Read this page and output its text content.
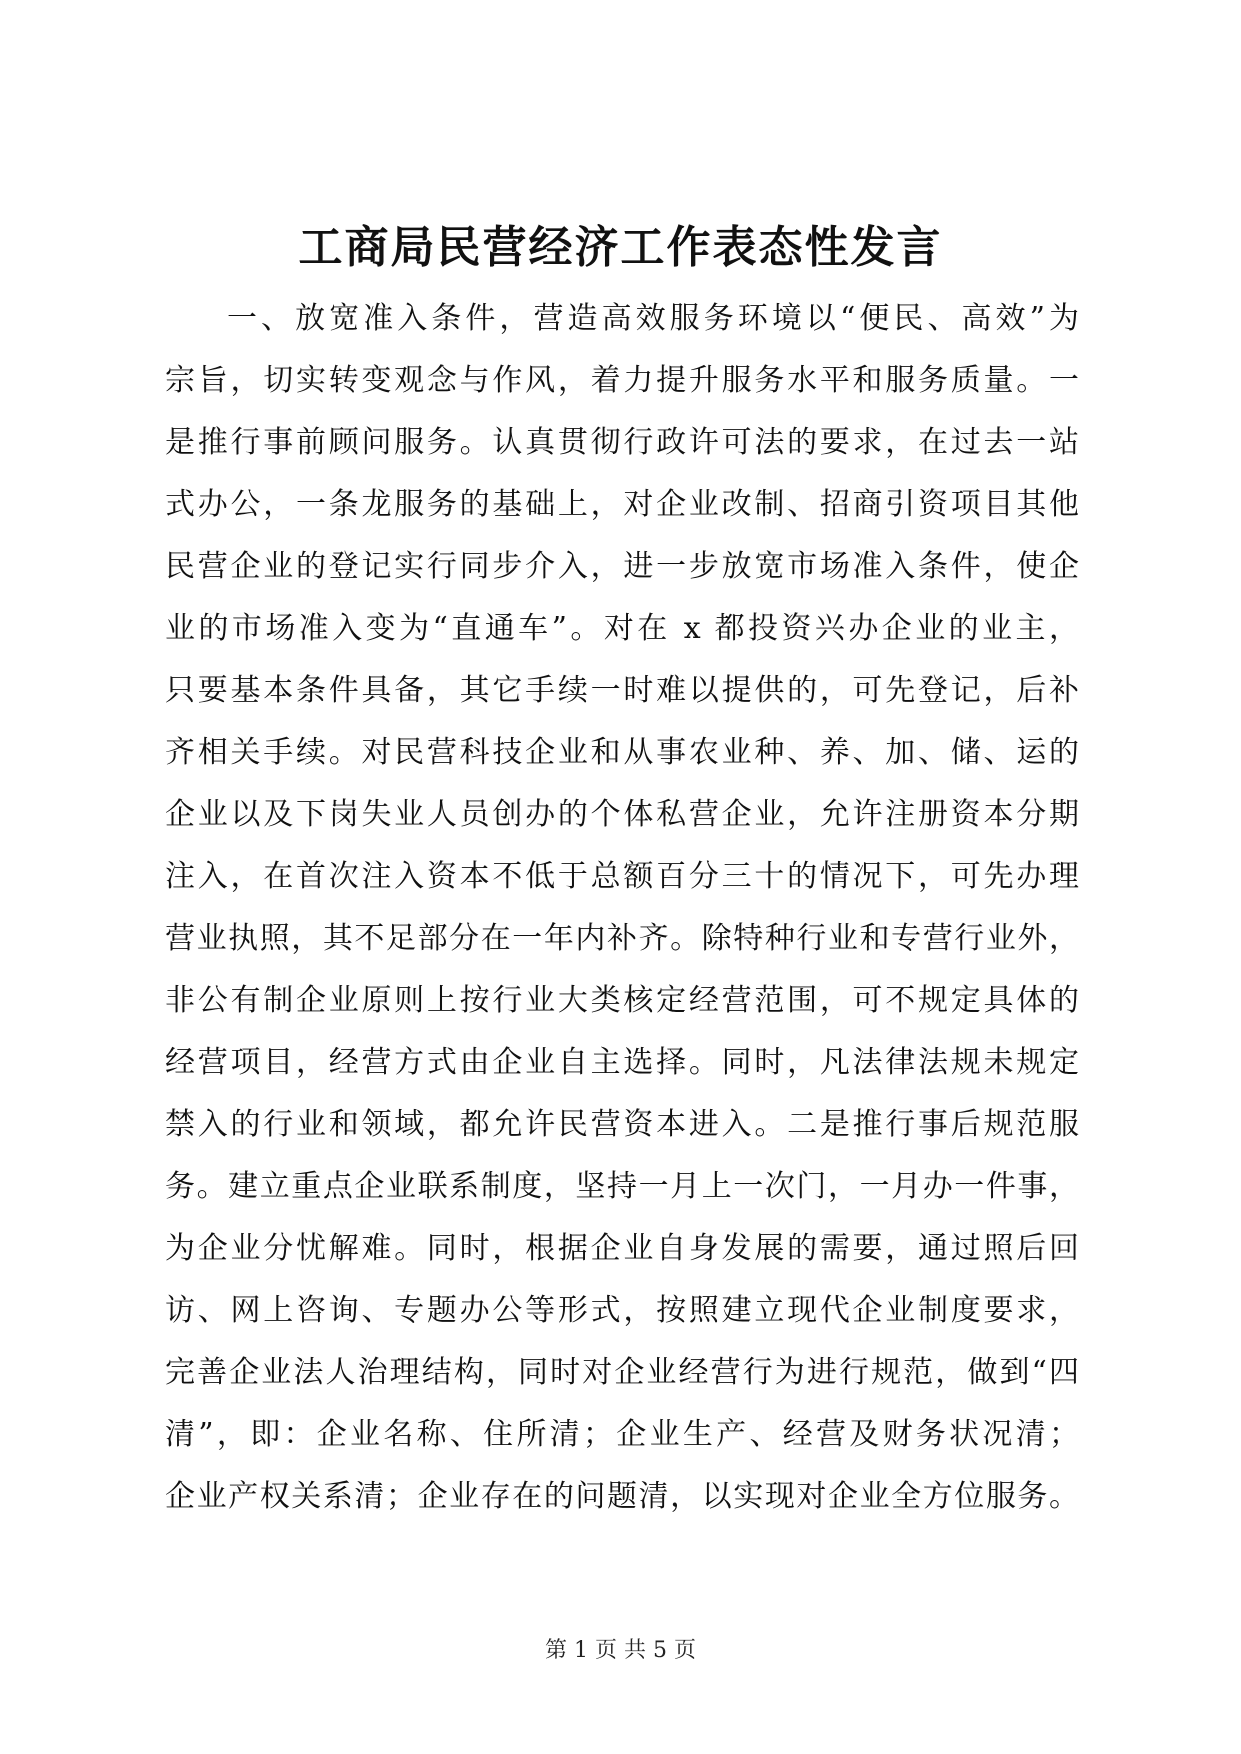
工商局民营经济工作表态性发言
一、放宽准入条件，营造高效服务环境以“便民、高效”为
宗旨，切实转变观念与作风，着力提升服务水平和服务质量。一
是推行事前顾问服务。认真贯彻行政许可法的要求，在过去一站
式办公，一条龙服务的基础上，对企业改制、招商引资项目其他
民营企业的登记实行同步介入，进一步放宽市场准入条件，使企
业的市场准入变为“直通车”。对在 x 都投资兴办企业的业主，
只要基本条件具备，其它手续一时难以提供的，可先登记，后补
齐相关手续。对民营科技企业和从事农业种、养、加、储、运的
企业以及下岗失业人员创办的个体私营企业，允许注册资本分期
注入，在首次注入资本不低于总额百分三十的情况下，可先办理
营业执照，其不足部分在一年内补齐。除特种行业和专营行业外，
非公有制企业原则上按行业大类核定经营范围，可不规定具体的
经营项目，经营方式由企业自主选择。同时，凡法律法规未规定
禁入的行业和领域，都允许民营资本进入。二是推行事后规范服
务。建立重点企业联系制度，坚持一月上一次门，一月办一件事，
为企业分忧解难。同时，根据企业自身发展的需要，通过照后回
访、网上咨询、专题办公等形式，按照建立现代企业制度要求，
完善企业法人治理结构，同时对企业经营行为进行规范，做到“四
清”，即：企业名称、住所清；企业生产、经营及财务状况清；
企业产权关系清；企业存在的问题清，以实现对企业全方位服务。
第 1 页 共 5 页
